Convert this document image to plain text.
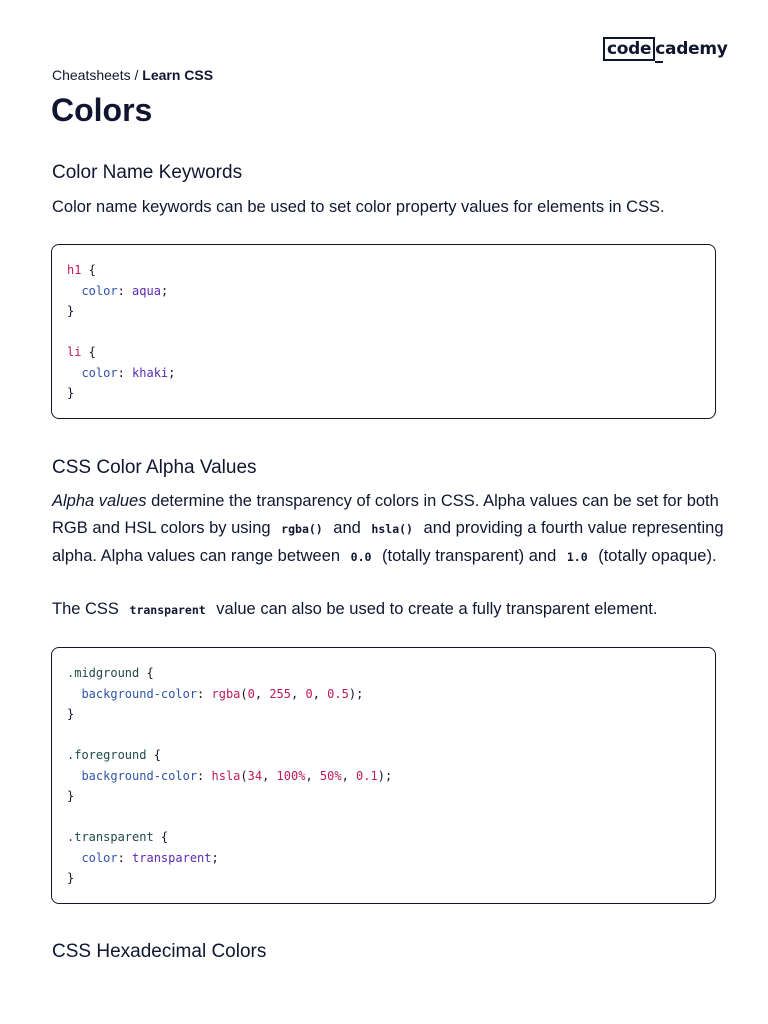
code cademy
Cheatsheets / Learn CSS
Colors
Color Name Keywords

Color name keywords can be used to set color property values for elements in CSS.

h1 {
color: aqua;
}

li {
color: khaki;
}
CSS Color Alpha Values

Alpha values determine the transparency of colors in CSS. Alpha values can be set for both RGB and HSL colors by using rgba() and hsla() and providing a fourth value representing alpha. Alpha values can range between 0.0 (totally transparent) and 1.0 (totally opaque).

The CSS transparent value can also be used to create a fully transparent element.

.midground {
background-color: rgba(0, 255, 0, 0.5);
}

.foreground {
background-color: hsla(34, 100%, 50%, 0.1);
}

.transparent {
color: transparent;
}
CSS Hexadecimal Colors
